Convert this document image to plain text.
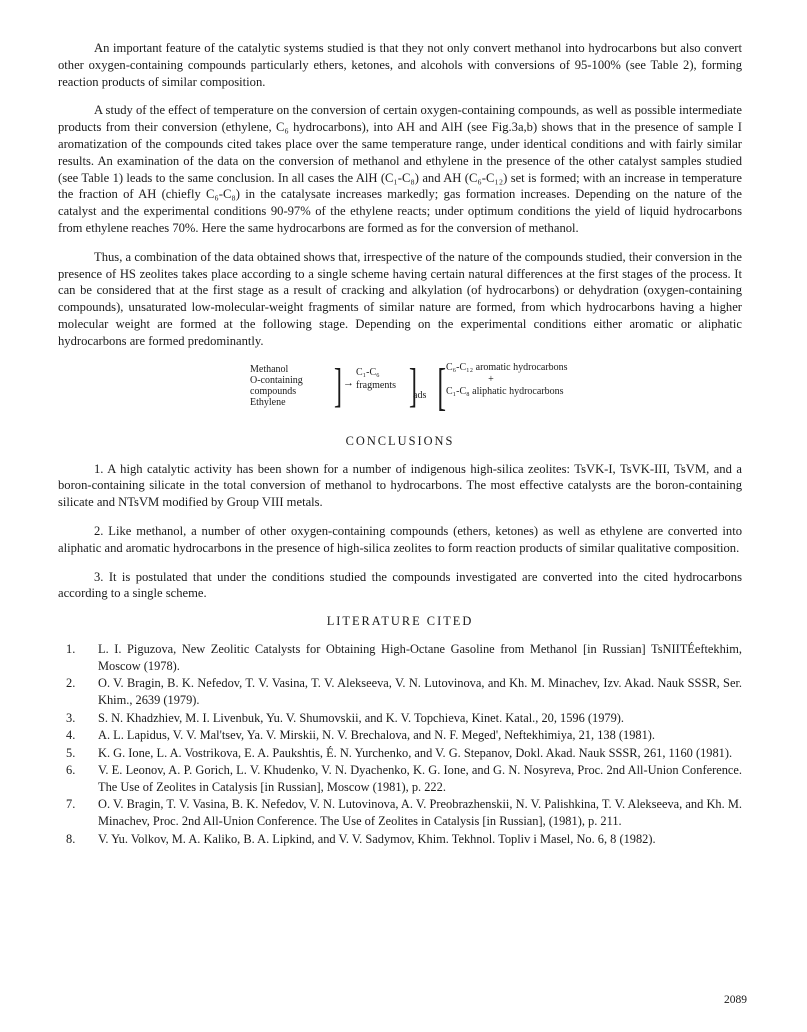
An important feature of the catalytic systems studied is that they not only convert methanol into hydrocarbons but also convert other oxygen-containing compounds particularly ethers, ketones, and alcohols with conversions of 95-100% (see Table 2), forming reaction products of similar composition.

A study of the effect of temperature on the conversion of certain oxygen-containing compounds, as well as possible intermediate products from their conversion (ethylene, C₆ hydrocarbons), into AH and AlH (see Fig.3a,b) shows that in the presence of sample I aromatization of the compounds cited takes place over the same temperature range, under identical conditions and with fairly similar results. An examination of the data on the conversion of methanol and ethylene in the presence of the other catalyst samples studied (see Table 1) leads to the same conclusion. In all cases the AlH (C₁-C₈) and AH (C₆-C₁₂) set is formed; with an increase in temperature the fraction of AH (chiefly C₆-C₈) in the catalysate increases markedly; gas formation increases. Depending on the nature of the catalyst and the experimental conditions 90-97% of the ethylene reacts; under optimum conditions the yield of liquid hydrocarbons from ethylene reaches 70%. Here the same hydrocarbons are formed as for the conversion of methanol.

Thus, a combination of the data obtained shows that, irrespective of the nature of the compounds studied, their conversion in the presence of HS zeolites takes place according to a single scheme having certain natural differences at the first stages of the process. It can be considered that at the first stage as a result of cracking and alkylation (of hydrocarbons) or dehydration (oxygen-containing compounds), unsaturated low-molecular-weight fragments of similar nature are formed, from which hydrocarbons having a higher molecular weight are formed at the following stage. Depending on the experimental conditions either aromatic or aliphatic hydrocarbons are formed predominantly.

Methanol
O-containing
compounds
Ethylene	] →
C₁-C₆
fragments ]
ads [ C₆-C₁₂ aromatic hydrocarbons
+
C₁-C₈ aliphatic hydrocarbons
CONCLUSIONS

1. A high catalytic activity has been shown for a number of indigenous high-silica zeolites: TsVK-I, TsVK-III, TsVM, and a boron-containing silicate in the total conversion of methanol to hydrocarbons. The most effective catalysts are the boron-containing silicate and NTsVM modified by Group VIII metals.

2. Like methanol, a number of other oxygen-containing compounds (ethers, ketones) as well as ethylene are converted into aliphatic and aromatic hydrocarbons in the presence of high-silica zeolites to form reaction products of similar qualitative composition.

3. It is postulated that under the conditions studied the compounds investigated are converted into the cited hydrocarbons according to a single scheme.

LITERATURE CITED
1. L. I. Piguzova, New Zeolitic Catalysts for Obtaining High-Octane Gasoline from Methanol [in Russian] TsNIITÉeftekhim, Moscow (1978).
2. O. V. Bragin, B. K. Nefedov, T. V. Vasina, T. V. Alekseeva, V. N. Lutovinova, and Kh. M. Minachev, Izv. Akad. Nauk SSSR, Ser. Khim., 2639 (1979).
3. S. N. Khadzhiev, M. I. Livenbuk, Yu. V. Shumovskii, and K. V. Topchieva, Kinet. Katal., 20, 1596 (1979).
4. A. L. Lapidus, V. V. Mal'tsev, Ya. V. Mirskii, N. V. Brechalova, and N. F. Meged', Neftekhimiya, 21, 138 (1981).
5. K. G. Ione, L. A. Vostrikova, E. A. Paukshtis, É. N. Yurchenko, and V. G. Stepanov, Dokl. Akad. Nauk SSSR, 261, 1160 (1981).
6. V. E. Leonov, A. P. Gorich, L. V. Khudenko, V. N. Dyachenko, K. G. Ione, and G. N. Nosyreva, Proc. 2nd All-Union Conference. The Use of Zeolites in Catalysis [in Russian], Moscow (1981), p. 222.
7. O. V. Bragin, T. V. Vasina, B. K. Nefedov, V. N. Lutovinova, A. V. Preobrazhenskii, N. V. Palishkina, T. V. Alekseeva, and Kh. M. Minachev, Proc. 2nd All-Union Conference. The Use of Zeolites in Catalysis [in Russian], (1981), p. 211.
8. V. Yu. Volkov, M. A. Kaliko, B. A. Lipkind, and V. V. Sadymov, Khim. Tekhnol. Topliv i Masel, No. 6, 8 (1982).
2089
